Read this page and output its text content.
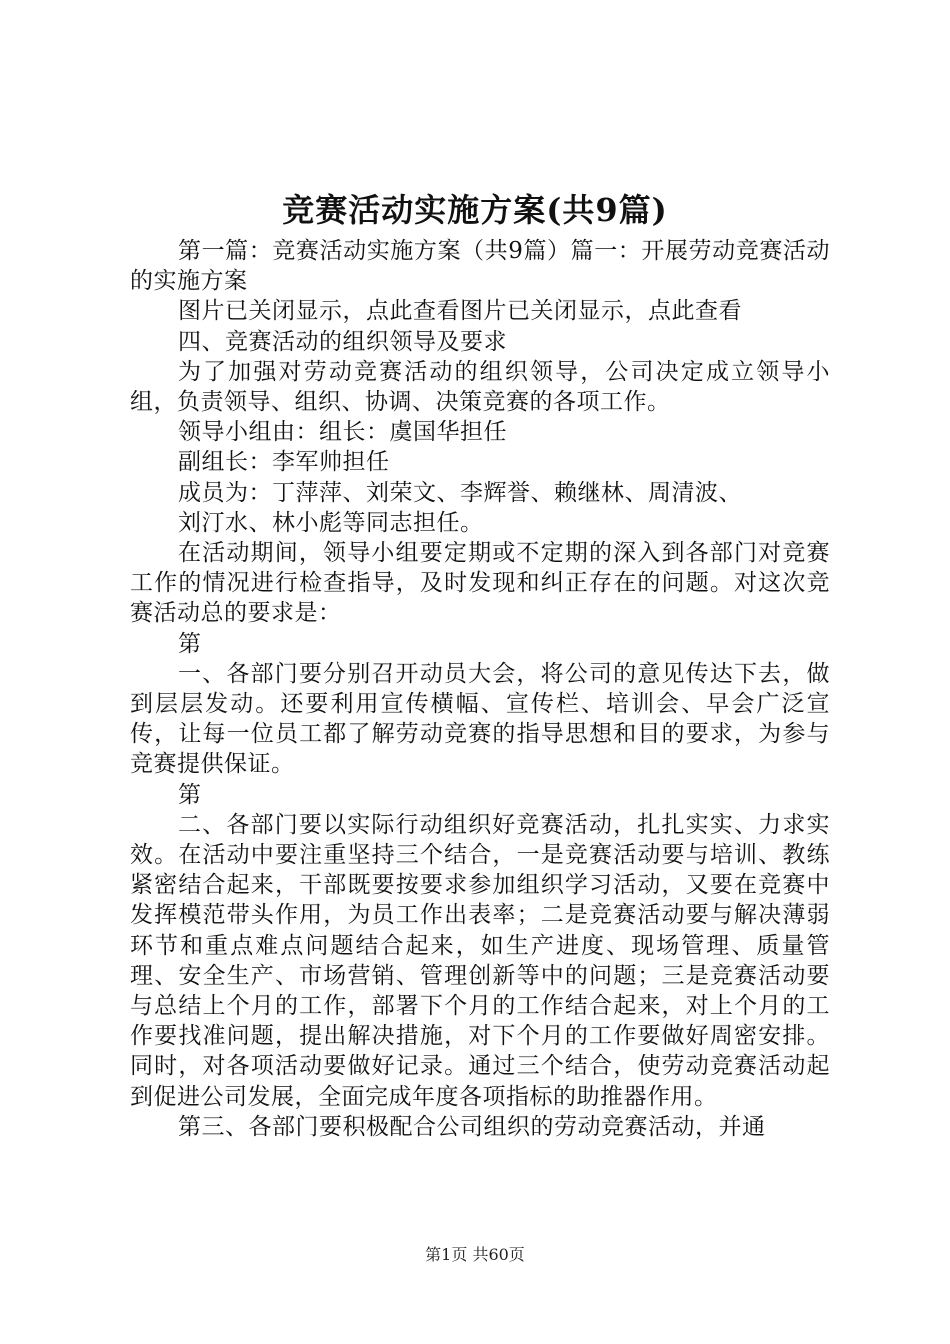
竞赛活动实施方案(共9篇)

第一篇：竞赛活动实施方案（共9篇）篇一：开展劳动竞赛活动的实施方案

图片已关闭显示，点此查看图片已关闭显示，点此查看

四、竞赛活动的组织领导及要求

为了加强对劳动竞赛活动的组织领导，公司决定成立领导小组，负责领导、组织、协调、决策竞赛的各项工作。

领导小组由：组长：虞国华担任

副组长：李军帅担任

成员为：丁萍萍、刘荣文、李辉誉、赖继林、周清波、

刘汀水、林小彪等同志担任。

在活动期间，领导小组要定期或不定期的深入到各部门对竞赛工作的情况进行检查指导，及时发现和纠正存在的问题。对这次竞赛活动总的要求是：

第

一、各部门要分别召开动员大会，将公司的意见传达下去，做到层层发动。还要利用宣传横幅、宣传栏、培训会、早会广泛宣传，让每一位员工都了解劳动竞赛的指导思想和目的要求，为参与竞赛提供保证。

第

二、各部门要以实际行动组织好竞赛活动，扎扎实实、力求实效。在活动中要注重坚持三个结合，一是竞赛活动要与培训、教练紧密结合起来，干部既要按要求参加组织学习活动，又要在竞赛中发挥模范带头作用，为员工作出表率；二是竞赛活动要与解决薄弱环节和重点难点问题结合起来，如生产进度、现场管理、质量管理、安全生产、市场营销、管理创新等中的问题；三是竞赛活动要与总结上个月的工作，部署下个月的工作结合起来，对上个月的工作要找准问题，提出解决措施，对下个月的工作要做好周密安排。同时，对各项活动要做好记录。通过三个结合，使劳动竞赛活动起到促进公司发展，全面完成年度各项指标的助推器作用。

第三、各部门要积极配合公司组织的劳动竞赛活动，并通

第1页 共60页
